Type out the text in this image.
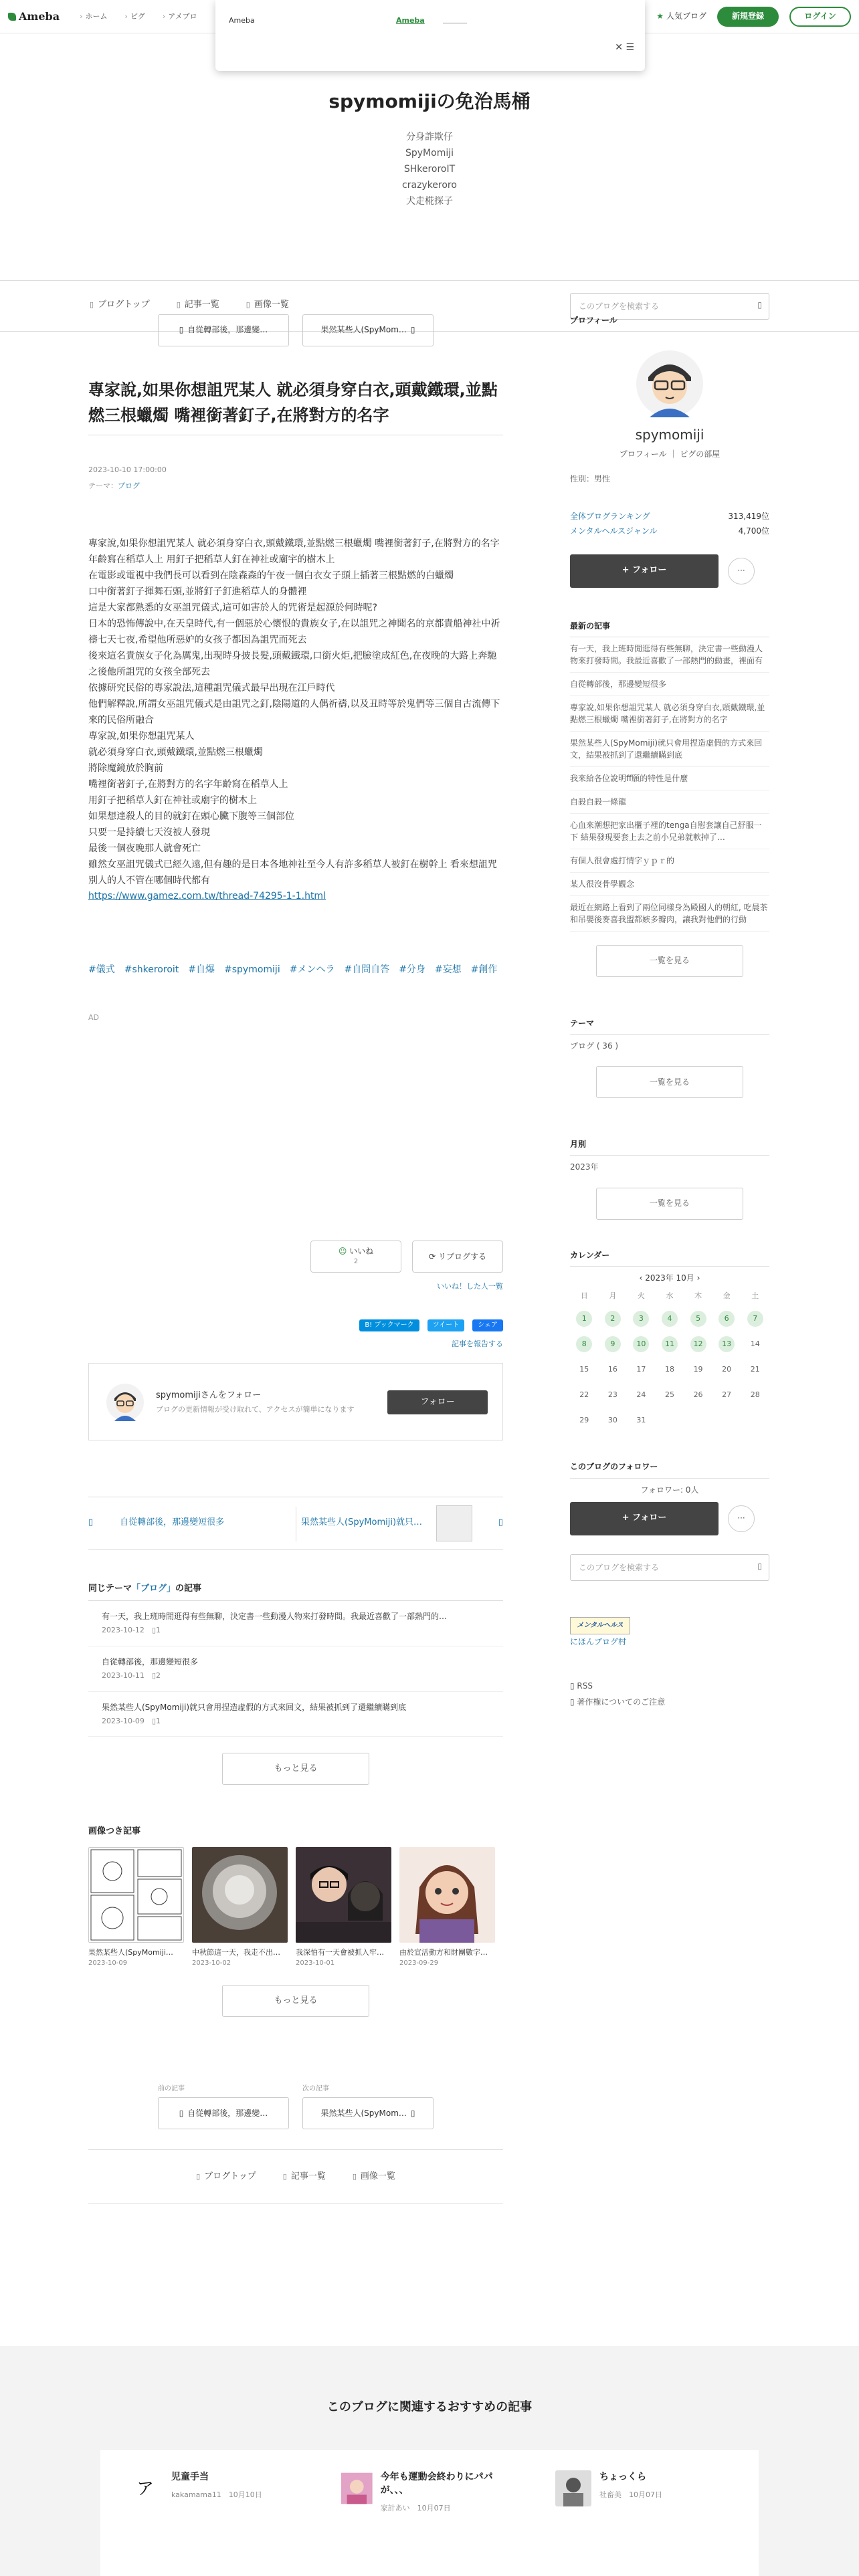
Ameba	› ホーム	› ピグ	› アメブロ	★ 人気ブログ	新規登録	ログイン
Ameba	Ameba
✕ ☰
spymomijiの免治馬桶
分身詐欺仔
SpyMomiji
SHkeroroIT
crazykeroro
犬走椛探子
▯ ブログトップ	▯ 記事一覧	▯ 画像一覧	このブログを検索する	▯
▯ 自從轉部後，那邊變…	果然某些人(SpyMom… ▯
專家說,如果你想詛咒某人 就必須身穿白衣,頭戴鐵環,並點燃三根蠟燭 嘴裡銜著釘子,在將對方的名字
2023-10-10 17:00:00
テーマ：ブログ
專家說,如果你想詛咒某人 就必須身穿白衣,頭戴鐵環,並點燃三根蠟燭 嘴裡銜著釘子,在將對方的名字年齡寫在稻草人上 用釘子把稻草人釘在神社或廟宇的樹木上
在電影或電視中我們長可以看到在陰森森的午夜一個白衣女子頭上插著三根點燃的白蠟燭
口中銜著釘子揮舞石頭,並將釘子釘進稻草人的身體裡
這是大家都熟悉的女巫詛咒儀式,這可如害於人的咒術是起源於何時呢?
日本的恐怖傳說中,在天皇時代,有一個惡於心懷恨的貴族女子,在以詛咒之神聞名的京都貴船神社中祈禱七天七夜,希望他所惡妒的女孩子都因為詛咒而死去
後來這名貴族女子化為厲鬼,出現時身披長髮,頭戴鐵環,口銜火炬,把臉塗成紅色,在夜晚的大路上奔馳
之後他所詛咒的女孩全部死去
依據研究民俗的專家說法,這種詛咒儀式最早出現在江戶時代
他們解釋說,所謂女巫詛咒儀式是由詛咒之釘,陰陽道的人偶祈禱,以及丑時等於鬼們等三個自古流傳下來的民俗所融合
專家說,如果你想詛咒某人
就必須身穿白衣,頭戴鐵環,並點燃三根蠟燭
將除魔鏡放於胸前
嘴裡銜著釘子,在將對方的名字年齡寫在稻草人上
用釘子把稻草人釘在神社或廟宇的樹木上
如果想達殺人的目的就釘在頭心臟下腹等三個部位
只要一是持續七天沒被人發現
最後一個夜晚那人就會死亡
雖然女巫詛咒儀式已經久遠,但有趣的是日本各地神社至今人有許多稻草人被釘在樹幹上 看來想詛咒別人的人不管在哪個時代都有
https://www.gamez.com.tw/thread-74295-1-1.html
#儀式 #shkeroroit #自爆 #spymomiji #メンヘラ #自問自答 #分身 #妄想 #創作
AD
☺ いいね
2
⟳ リブログする
いいね！した人一覧
B! ブックマーク	ツイート	シェア
記事を報告する
spymomijiさんをフォロー
ブログの更新情報が受け取れて、アクセスが簡単になります
フォロー
▯	自從轉部後，那邊變短很多	果然某些人(SpyMomiji)就只…	▯
同じテーマ「ブログ」の記事
有一天，我上班時閒逛得有些無聊，決定書一些動漫人物來打發時間。我最近喜歡了一部熱門的…
2023-10-12　 ▯1
自從轉部後，那邊變短很多
2023-10-11　 ▯2
果然某些人(SpyMomiji)就只會用捏造虛假的方式來回文，結果被抓到了還繼續瞞到底
2023-10-09　 ▯1
もっと見る
画像つき記事
果然某些人(SpyMomiji…
2023-10-09
中秋節這一天，我走不出…
2023-10-02
我深怕有一天會被抓入牢…
2023-10-01
由於宣活動方和財團數字…
2023-09-29
もっと見る
前の記事
▯ 自從轉部後，那邊變…
次の記事
果然某些人(SpyMom… ▯
▯ ブログトップ	▯ 記事一覧	▯ 画像一覧
プロフィール
spymomiji
プロフィール ｜ ピグの部屋
性別：男性
全体ブログランキング	313,419位
メンタルヘルスジャンル	4,700位
+ フォロー	···
最新の記事
有一天，我上班時閒逛得有些無聊，決定書一些動漫人物來打發時間。我最近喜歡了一部熱門的動畫，裡面有
自從轉部後，那邊變短很多
專家說,如果你想詛咒某人 就必須身穿白衣,頭戴鐵環,並點燃三根蠟燭 嘴裡銜著釘子,在將對方的名字
果然某些人(SpyMomiji)就只會用捏造虛假的方式來回文，結果被抓到了還繼續瞞到底
我來給各位說明ff願的特性是什麼
自殺自殺一條龍
心血來潮想把家出櫃子裡的tenga自慰套讓自己舒服一下 結果發現要套上去之前小兄弟就軟掉了…
有個人很會處打情字ｙｐｒ的
某人很沒骨學觀念
最近在網路上看到了兩位同樣身為殿國人的朝紅, 吃晨茶和吊嬰後麥喜我盟都嫉多瓣肉，讓我對他們的行動
一覧を見る
テーマ
ブログ ( 36 )
一覧を見る
月別
2023年
一覧を見る
カレンダー
‹ 2023年 10月 ›
日	月	火	水	木	金	土
1	2	3	4	5	6	7
8	9	10	11	12	13	14
15	16	17	18	19	20	21
22	23	24	25	26	27	28
29	30	31
このブログのフォロワー
フォロワー: 0人
+ フォロー	···
このブログを検索する	▯
メンタルヘルス
にほんブログ村
▯ RSS
▯ 著作権についてのご注意
このブログに関連するおすすめの記事
ア
児童手当
kakamama11　 10月10日
今年も運動会終わりにパパが、、、
家計あい　 10月07日
ちょっくら
社畜美　 10月07日
